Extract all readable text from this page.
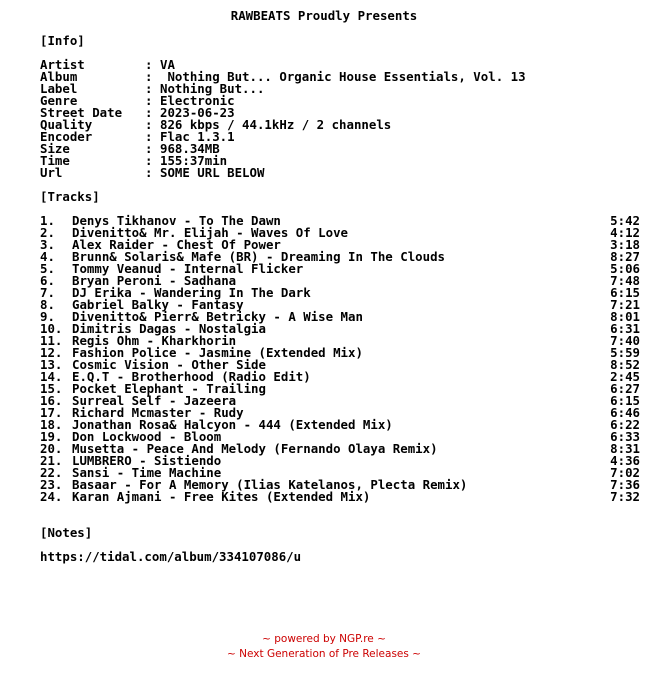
RAWBEATS Proudly Presents
[Info]
Artist	: VA
Album	: Nothing But... Organic House Essentials, Vol. 13
Label	: Nothing But...
Genre	: Electronic
Street Date : 2023-06-23
Quality	: 826 kbps / 44.1kHz / 2 channels
Encoder	: Flac 1.3.1
Size	: 968.34MB
Time	: 155:37min
Url	: SOME URL BELOW
[Tracks]
1. Denys Tikhanov - To The Dawn	5:42
2. Divenitto& Mr. Elijah - Waves Of Love	4:12
3. Alex Raider - Chest Of Power	3:18
4. Brunn& Solaris& Mafe (BR) - Dreaming In The Clouds	8:27
5. Tommy Veanud - Internal Flicker	5:06
6. Bryan Peroni - Sadhana	7:48
7. DJ Erika - Wandering In The Dark	6:15
8. Gabriel Balky - Fantasy	7:21
9. Divenitto& Pierr& Betricky - A Wise Man	8:01
10. Dimitris Dagas - Nostalgia	6:31
11. Regis Ohm - Kharkhorin	7:40
12. Fashion Police - Jasmine (Extended Mix)	5:59
13. Cosmic Vision - Other Side	8:52
14. E.Q.T - Brotherhood (Radio Edit)	2:45
15. Pocket Elephant - Trailing	6:27
16. Surreal Self - Jazeera	6:15
17. Richard Mcmaster - Rudy	6:46
18. Jonathan Rosa& Halcyon - 444 (Extended Mix)	6:22
19. Don Lockwood - Bloom	6:33
20. Musetta - Peace And Melody (Fernando Olaya Remix)	8:31
21. LUMBRERO - Sistiendo	4:36
22. Sansi - Time Machine	7:02
23. Basaar - For A Memory (Ilias Katelanos, Plecta Remix)	7:36
24. Karan Ajmani - Free Kites (Extended Mix)	7:32
[Notes]
https://tidal.com/album/334107086/u
~ powered by NGP.re ~
~ Next Generation of Pre Releases ~
